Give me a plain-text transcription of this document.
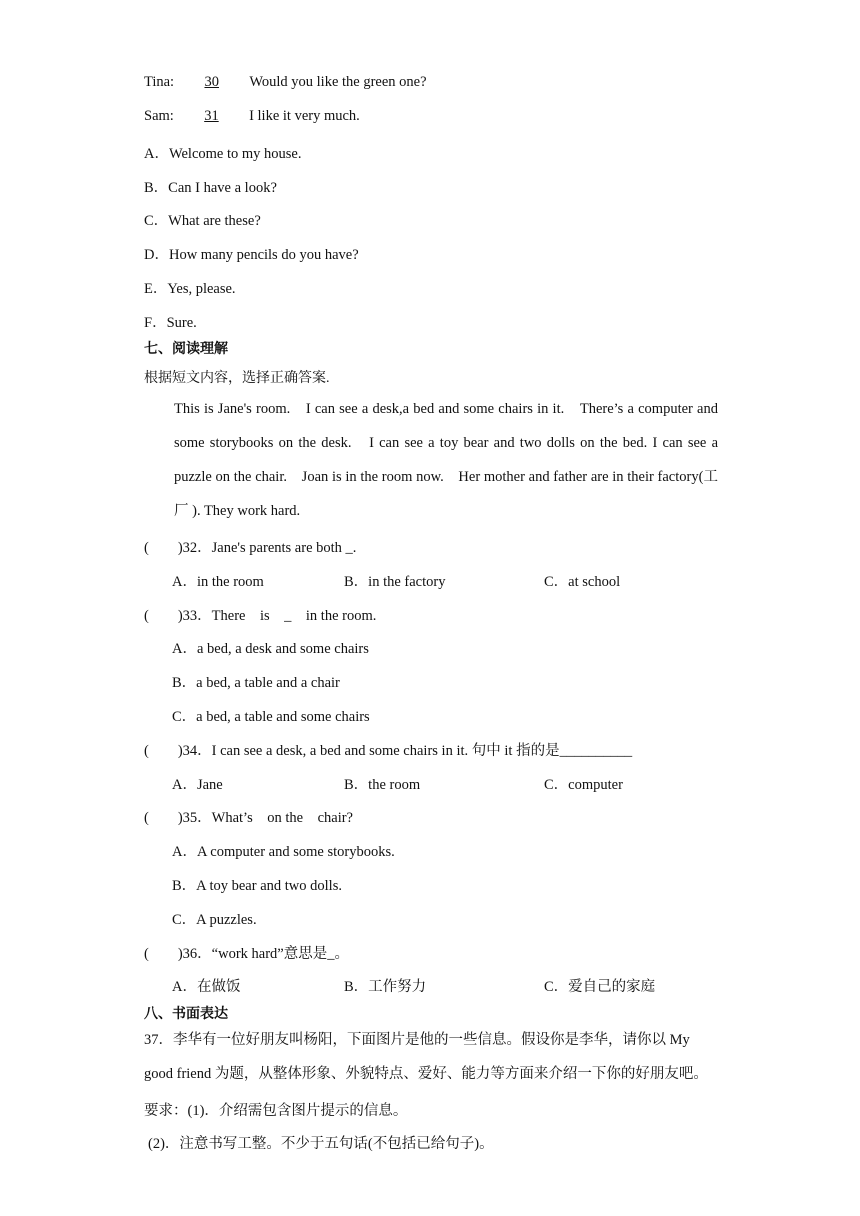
Tina: 30 Would you like the green one?
Sam: 31 I like it very much.
A．Welcome to my house.
B．Can I have a look?
C．What are these?
D．How many pencils do you have?
E．Yes, please.
F．Sure.
七、阅读理解
根据短文内容，选择正确答案.
This is Jane's room.　I can see a desk,a bed and some chairs in it.　There’s a computer and some storybooks on the desk.　I can see a toy bear and two dolls on the bed. I can see a puzzle on the chair.　Joan is in the room now.　Her mother and father are in their factory(工厂 ). They work hard.
(　　)32．Jane's parents are both _.
A．in the room	B．in the factory	C．at school
(　　)33．There　is　_　in the room.
A．a bed, a desk and some chairs
B．a bed, a table and a chair
C．a bed, a table and some chairs
(　　)34．I can see a desk, a bed and some chairs in it. 句中 it 指的是__________
A．Jane	B．the room	C．computer
(　　)35．What’s　on the　chair?
A．A computer and some storybooks.
B．A toy bear and two dolls.
C．A puzzles.
(　　)36．“work hard”意思是_。
A．在做饭	B．工作努力	C．爱自己的家庭
八、书面表达
37．李华有一位好朋友叫杨阳，下面图片是他的一些信息。假设你是李华，请你以 My good friend 为题，从整体形象、外貌特点、爱好、能力等方面来介绍一下你的好朋友吧。
要求：(1)．介绍需包含图片提示的信息。
(2)．注意书写工整。不少于五句话(不包括已给句子)。
